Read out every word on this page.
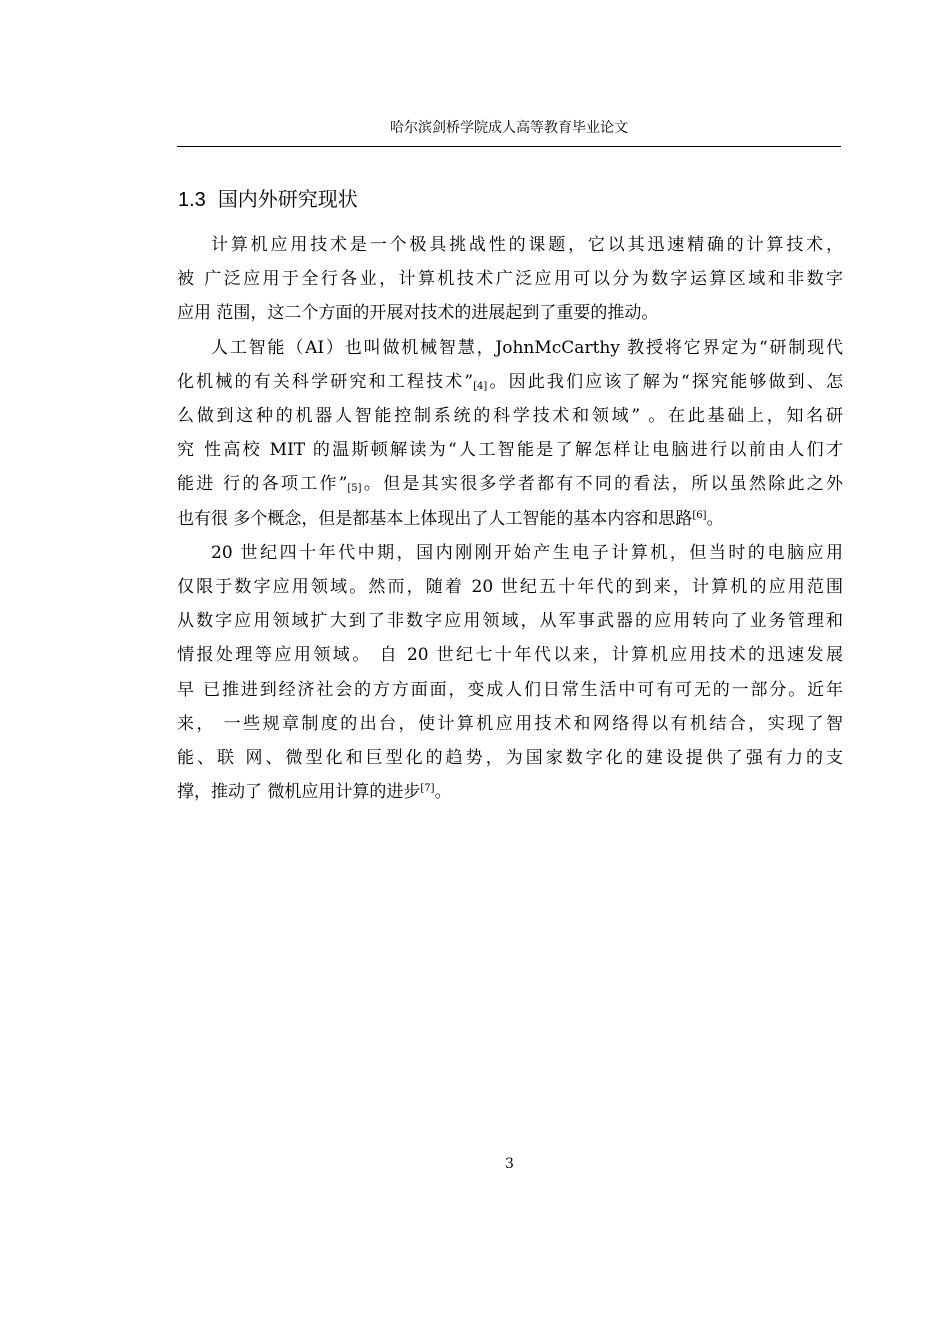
哈尔滨剑桥学院成人高等教育毕业论文
1.3 国内外研究现状

计算机应用技术是一个极具挑战性的课题，它以其迅速精确的计算技术，
被 广泛应用于全行各业，计算机技术广泛应用可以分为数字运算区域和非数字
应用 范围，这二个方面的开展对技术的进展起到了重要的推动。

人工智能（AI）也叫做机械智慧，JohnMcCarthy 教授将它界定为“研制现代
化机械的有关科学研究和工程技术$”_{[4]}$。因此我们应该了解为“探究能够做到、怎
么做到这种的机器人智能控制系统的科学技术和领域” 。在此基础上，知名研
究 性高校 MIT 的温斯顿解读为“人工智能是了解怎样让电脑进行以前由人们才
能进 行的各项工作$”_{[5]}$。但是其实很多学者都有不同的看法，所以虽然除此之外
也有很 多个概念，但是都基本上体现出了人工智能的基本内容和思路[6]。

20 世纪四十年代中期，国内刚刚开始产生电子计算机，但当时的电脑应用
仅限于数字应用领域。然而，随着 20 世纪五十年代的到来，计算机的应用范围
从数字应用领域扩大到了非数字应用领域，从军事武器的应用转向了业务管理和
情报处理等应用领域。 自 20 世纪七十年代以来，计算机应用技术的迅速发展
早 已推进到经济社会的方方面面，变成人们日常生活中可有可无的一部分。近年
来， 一些规章制度的出台，使计算机应用技术和网络得以有机结合，实现了智
能、联 网、微型化和巨型化的趋势，为国家数字化的建设提供了强有力的支
撑，推动了 微机应用计算的进步[7]。

3
